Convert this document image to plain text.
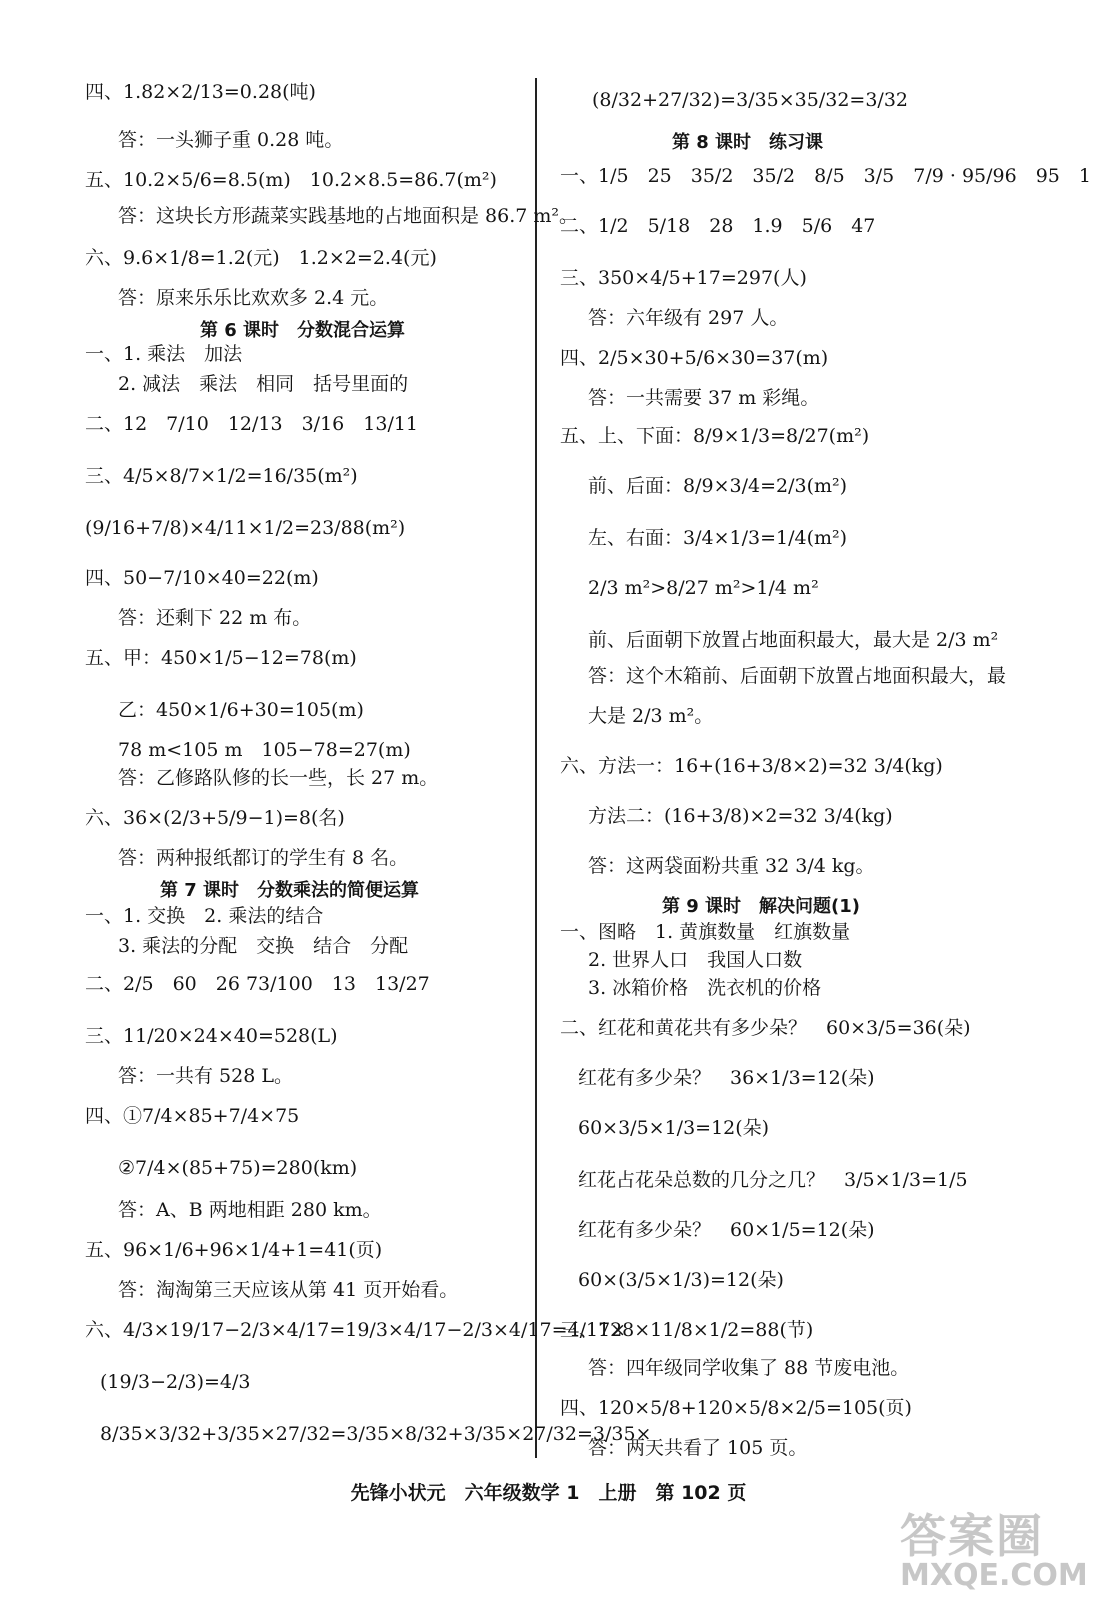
四、1.82×2/13=0.28(吨)
答：一头狮子重 0.28 吨。
五、10.2×5/6=8.5(m)　10.2×8.5=86.7(m²)
答：这块长方形蔬菜实践基地的占地面积是 86.7 m²。
六、9.6×1/8=1.2(元)　1.2×2=2.4(元)
答：原来乐乐比欢欢多 2.4 元。
第 6 课时　分数混合运算
一、1. 乘法　加法
2. 减法　乘法　相同　括号里面的
二、12　7/10　12/13　3/16　13/11
三、4/5×8/7×1/2=16/35(m²)
(9/16+7/8)×4/11×1/2=23/88(m²)
四、50−7/10×40=22(m)
答：还剩下 22 m 布。
五、甲：450×1/5−12=78(m)
乙：450×1/6+30=105(m)
78 m<105 m　105−78=27(m)
答：乙修路队修的长一些，长 27 m。
六、36×(2/3+5/9−1)=8(名)
答：两种报纸都订的学生有 8 名。
第 7 课时　分数乘法的简便运算
一、1. 交换　2. 乘法的结合
3. 乘法的分配　交换　结合　分配
二、2/5　60　26 73/100　13　13/27
三、11/20×24×40=528(L)
答：一共有 528 L。
四、①7/4×85+7/4×75
②7/4×(85+75)=280(km)
答：A、B 两地相距 280 km。
五、96×1/6+96×1/4+1=41(页)
答：淘淘第三天应该从第 41 页开始看。
六、4/3×19/17−2/3×4/17=19/3×4/17−2/3×4/17=4/17×
(19/3−2/3)=4/3
8/35×3/32+3/35×27/32=3/35×8/32+3/35×27/32=3/35×
(8/32+27/32)=3/35×35/32=3/32
第 8 课时　练习课
一、1/5　25　35/2　35/2　8/5　3/5　7/9 · 95/96　95　1
二、1/2　5/18　28　1.9　5/6　47
三、350×4/5+17=297(人)
答：六年级有 297 人。
四、2/5×30+5/6×30=37(m)
答：一共需要 37 m 彩绳。
五、上、下面：8/9×1/3=8/27(m²)
前、后面：8/9×3/4=2/3(m²)
左、右面：3/4×1/3=1/4(m²)
2/3 m²>8/27 m²>1/4 m²
前、后面朝下放置占地面积最大，最大是 2/3 m²
答：这个木箱前、后面朝下放置占地面积最大，最
大是 2/3 m²。
六、方法一：16+(16+3/8×2)=32 3/4(kg)
方法二：(16+3/8)×2=32 3/4(kg)
答：这两袋面粉共重 32 3/4 kg。
第 9 课时　解决问题(1)
一、图略　1. 黄旗数量　红旗数量
2. 世界人口　我国人口数
3. 冰箱价格　洗衣机的价格
二、红花和黄花共有多少朵？　60×3/5=36(朵)
红花有多少朵？　36×1/3=12(朵)
60×3/5×1/3=12(朵)
红花占花朵总数的几分之几？　3/5×1/3=1/5
红花有多少朵？　60×1/5=12(朵)
60×(3/5×1/3)=12(朵)
三、128×11/8×1/2=88(节)
答：四年级同学收集了 88 节废电池。
四、120×5/8+120×5/8×2/5=105(页)
答：两天共看了 105 页。
先锋小状元　六年级数学 1　上册　第 102 页
答案圈
MXQE.COM
